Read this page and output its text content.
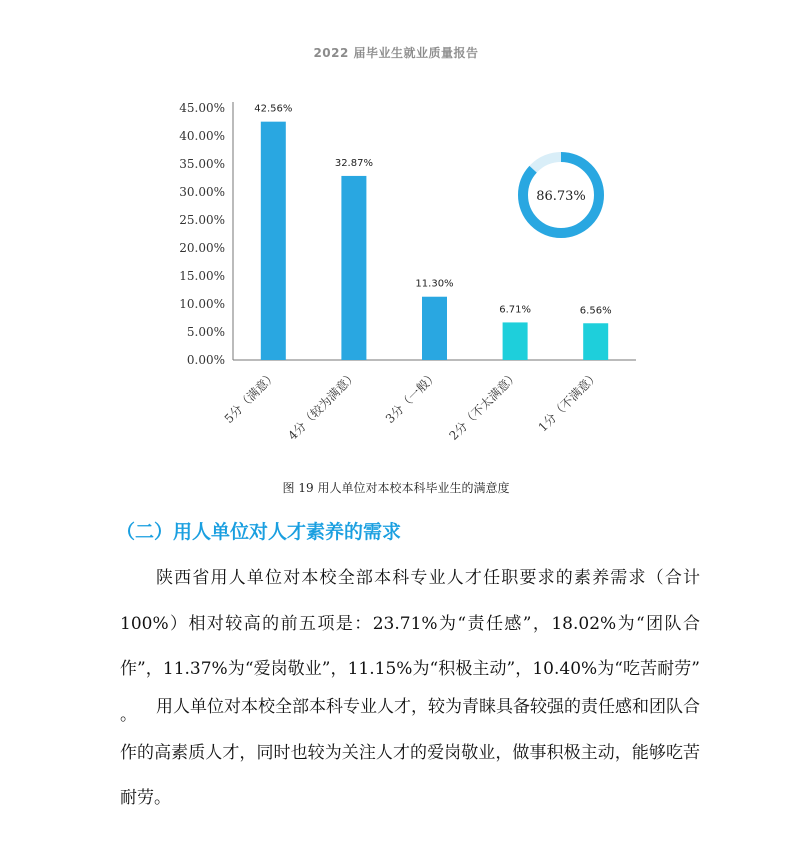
2022 届毕业生就业质量报告
0.00%
5.00%
10.00%
15.00%
20.00%
25.00%
30.00%
35.00%
40.00%
45.00%	42.56%
5分（满意）
32.87%
4分（较为满意）
11.30%
3分（一般）
6.71%
2分（不太满意）
6.56%
1分（不满意）
86.73%
图 19 用人单位对本校本科毕业生的满意度
（二）用人单位对人才素养的需求

陕西省用人单位对本校全部本科专业人才任职要求的素养需求（合计 100%）相对较高的前五项是：23.71%为“责任感”，18.02%为“团队合作”，11.37%为“爱岗敬业”，11.15%为“积极主动”，10.40%为“吃苦耐劳” 。	用人单位对本校全部本科专业人才，较为青睐具备较强的责任感和团队合作的高素质人才，同时也较为关注人才的爱岗敬业，做事积极主动，能够吃苦耐劳。
